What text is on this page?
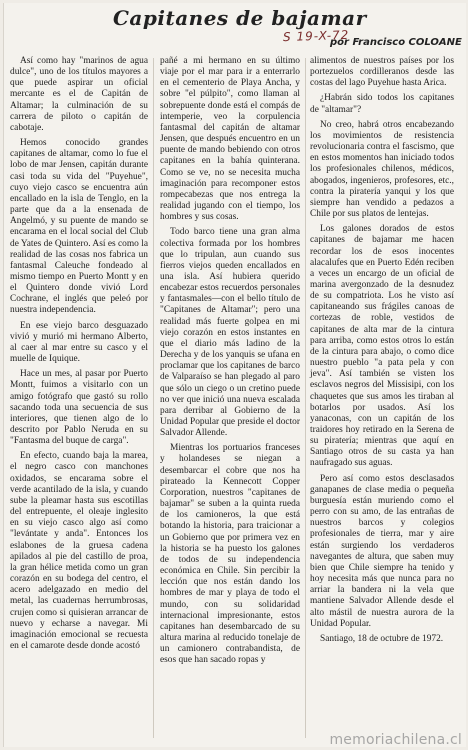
Capitanes de bajamar
S 19-X-72
por Francisco COLOANE

Así como hay "marinos de agua dulce", uno de los títulos mayores a que puede aspirar un oficial mercante es el de Capitán de Altamar; la culminación de su carrera de piloto o capitán de cabotaje.

Hemos conocido grandes capitanes de altamar, como lo fue el lobo de mar Jensen, capitán durante casi toda su vida del "Puyehue", cuyo viejo casco se encuentra aún encallado en la isla de Tenglo, en la parte que da a la ensenada de Angelmó, y su puente de mando se encarama en el local social del Club de Yates de Quintero. Así es como la realidad de las cosas nos fabrica un fantasmal Caleuche fondeado al mismo tiempo en Puerto Montt y en el Quintero donde vivió Lord Cochrane, el inglés que peleó por nuestra independencia.

En ese viejo barco desguazado vivió y murió mi hermano Alberto, al caer al mar entre su casco y el muelle de Iquique.

Hace un mes, al pasar por Puerto Montt, fuimos a visitarlo con un amigo fotógrafo que gastó su rollo sacando toda una secuencia de sus interiores, que tienen algo de lo descrito por Pablo Neruda en su "Fantasma del buque de carga".

En efecto, cuando baja la marea, el negro casco con manchones oxidados, se encarama sobre el verde acantilado de la isla, y cuando sube la pleamar hasta sus escotillas del entrepuente, el oleaje inglesito en su viejo casco algo así como "levántate y anda". Entonces los eslabones de la gruesa cadena apilados al pie del castillo de proa, la gran hélice metida como un gran corazón en su bodega del centro, el acero adelgazado en medio del metal, las cuadernas herrumbrosas, crujen como si quisieran arrancar de nuevo y echarse a navegar. Mi imaginación emocional se recuesta en el camarote desde donde acostó

pañé a mi hermano en su último viaje por el mar para ir a enterrarlo en el cementerio de Playa Ancha, y sobre "el púlpito", como llaman al sobrepuente donde está el compás de intemperie, veo la corpulencia fantasmal del capitán de altamar Jensen, que después encuentro en un puente de mando bebiendo con otros capitanes en la bahía quinterana. Como se ve, no se necesita mucha imaginación para recomponer estos rompecabezas que nos entrega la realidad jugando con el tiempo, los hombres y sus cosas.

Todo barco tiene una gran alma colectiva formada por los hombres que lo tripulan, aun cuando sus fierros viejos queden encallados en una isla. Así hubiera querido encabezar estos recuerdos personales y fantasmales—con el bello título de "Capitanes de Altamar"; pero una realidad más fuerte golpea en mi viejo corazón en estos instantes en que el diario más ladino de la Derecha y de los yanquis se ufana en proclamar que los capitanes de barco de Valparaíso se han plegado al paro que sólo un ciego o un cretino puede no ver que inició una nueva escalada para derribar al Gobierno de la Unidad Popular que preside el doctor Salvador Allende.

Mientras los portuarios franceses y holandeses se niegan a desembarcar el cobre que nos ha pirateado la Kennecott Copper Corporation, nuestros "capitanes de bajamar" se suben a la quinta rueda de los camioneros, la que está botando la historia, para traicionar a un Gobierno que por primera vez en la historia se ha puesto los galones de todos de su independencia económica en Chile. Sin percibir la lección que nos están dando los hombres de mar y playa de todo el mundo, con su solidaridad internacional impresionante, estos capitanes han desembarcado de su altura marina al reducido tonelaje de un camionero contrabandista, de esos que han sacado ropas y

alimentos de nuestros países por los portezuelos cordilleranos desde las costas del lago Puyehue hasta Arica.

¿Habrán sido todos los capitanes de "altamar"?

No creo, habrá otros encabezando los movimientos de resistencia revolucionaria contra el fascismo, que en estos momentos han iniciado todos los profesionales chilenos, médicos, abogados, ingenieros, profesores, etc., contra la piratería yanqui y los que siempre han vendido a pedazos a Chile por sus platos de lentejas.

Los galones dorados de estos capitanes de bajamar me hacen recordar los de esos inocentes alacalufes que en Puerto Edén reciben a veces un encargo de un oficial de marina avergonzado de la desnudez de su compatriota. Los he visto así capitaneando sus frágiles canoas de cortezas de roble, vestidos de capitanes de alta mar de la cintura para arriba, como estos otros lo están de la cintura para abajo, o como dice nuestro pueblo "a pata pela y con jeva". Así también se visten los esclavos negros del Missisipi, con los chaquetes que sus amos les tiraban al botarlos por usados. Así los yanaconas, con un capitán de los traidores hoy retirado en la Serena de su piratería; mientras que aquí en Santiago otros de su casta ya han naufragado sus aguas.

Pero así como estos desclasados ganapanes de clase media o pequeña burguesía están muriendo como el perro con su amo, de las entrañas de nuestros barcos y colegios profesionales de tierra, mar y aire están surgiendo los verdaderos navegantes de altura, que saben muy bien que Chile siempre ha tenido y hoy necesita más que nunca para no arriar la bandera ni la vela que mantiene Salvador Allende desde el alto mástil de nuestra aurora de la Unidad Popular.

Santiago, 18 de octubre de 1972.

memoriachilena.cl
